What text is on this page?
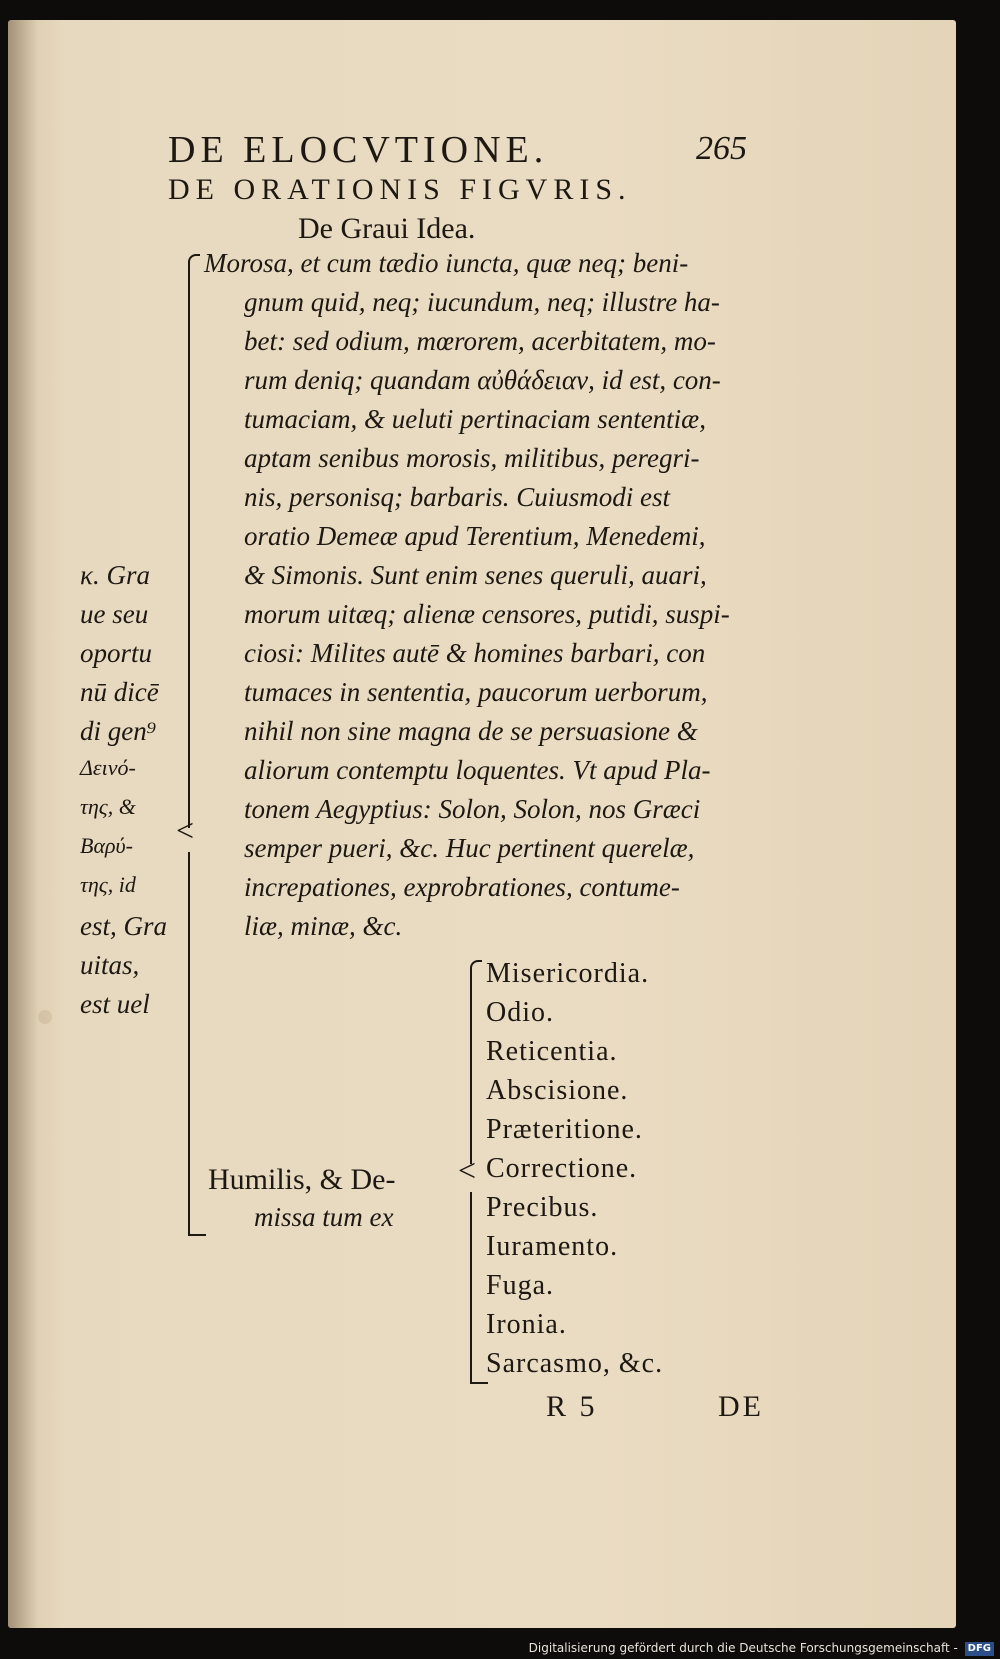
DE ELOCVTIONE.	265
DE ORATIONIS FIGVRIS.
De Graui Idea.
<
Morosa, et cum tædio iuncta, quæ neq; beni-
gnum quid, neq; iucundum, neq; illustre ha-
bet: sed odium, mœrorem, acerbitatem, mo-
rum deniq; quandam αὐθάδειαν, id est, con-
tumaciam, & ueluti pertinaciam sententiæ,
aptam senibus morosis, militibus, peregri-
nis, personisq; barbaris. Cuiusmodi est
oratio Demeæ apud Terentium, Menedemi,
& Simonis. Sunt enim senes queruli, auari,
morum uitæq; alienæ censores, putidi, suspi-
ciosi: Milites autē & homines barbari, con
tumaces in sententia, paucorum uerborum,
nihil non sine magna de se persuasione &
aliorum contemptu loquentes. Vt apud Pla-
tonem Aegyptius: Solon, Solon, nos Græci
semper pueri, &c. Huc pertinent querelæ,
increpationes, exprobrationes, contume-
liæ, minæ, &c.
κ. Gra
ue seu
oportu
nū dicē
di gen⁹
Δεινό-
της, &
Βαρύ-
της, id
est, Gra
uitas,
est uel
Humilis, & De-
missa tum ex
<
Misericordia.
Odio.
Reticentia.
Abscisione.
Præteritione.
Correctione.
Precibus.
Iuramento.
Fuga.
Ironia.
Sarcasmo, &c.
R 5	DE
Digitalisierung gefördert durch die Deutsche Forschungsgemeinschaft - DFG
